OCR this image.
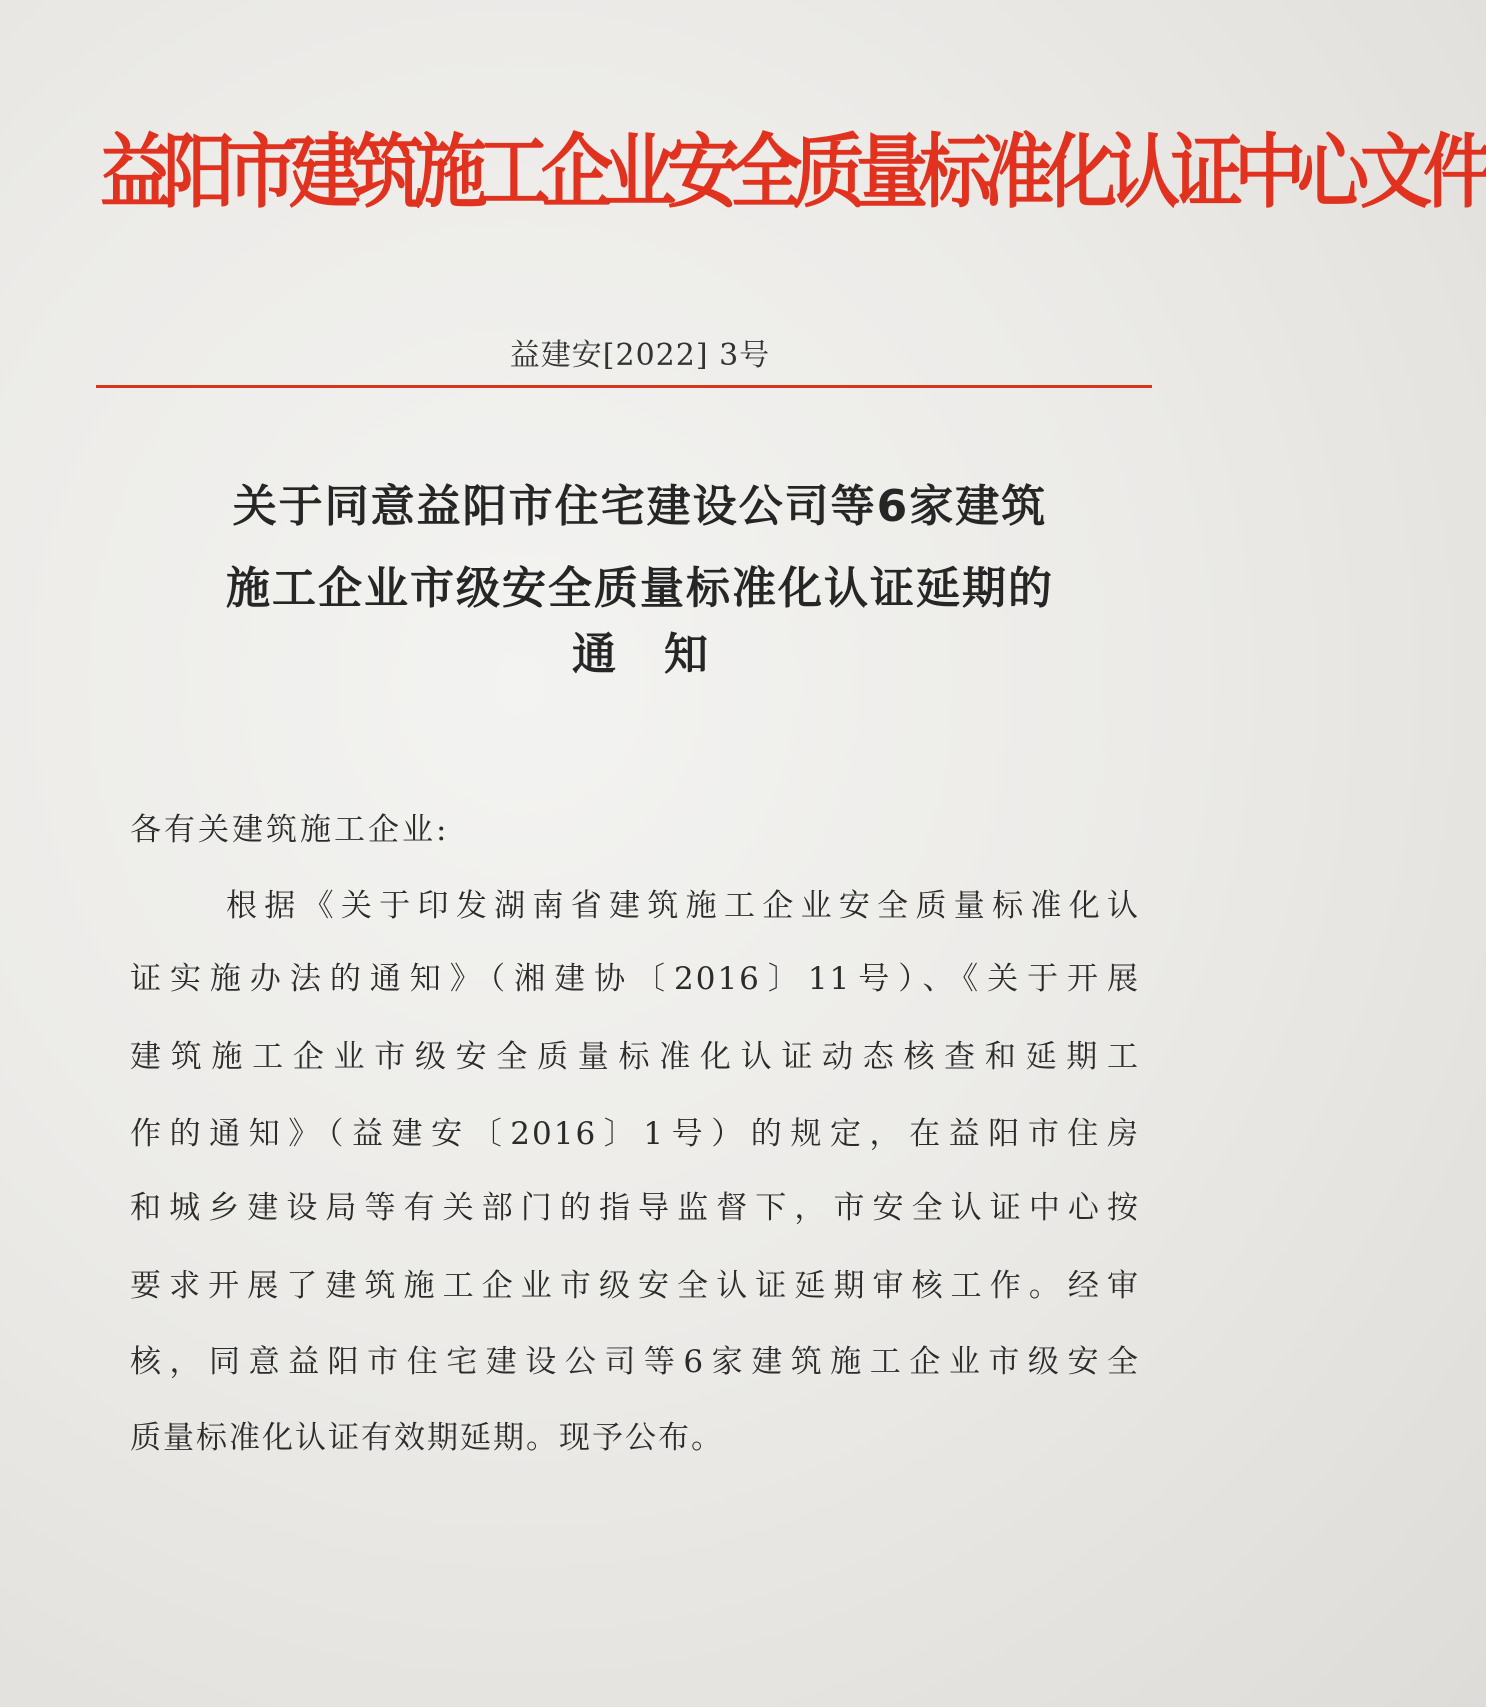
益阳市建筑施工企业安全质量标准化认证中心文件
益建安[2022] 3号
关于同意益阳市住宅建设公司等6家建筑
施工企业市级安全质量标准化认证延期的
通知
各有关建筑施工企业:
根据《关于印发湖南省建筑施工企业安全质量标准化认
证实施办法的通知》（湘建协〔2016〕11号）、《关于开展
建筑施工企业市级安全质量标准化认证动态核查和延期工
作的通知》（益建安〔2016〕1号）的规定，在益阳市住房
和城乡建设局等有关部门的指导监督下，市安全认证中心按
要求开展了建筑施工企业市级安全认证延期审核工作。经审
核，同意益阳市住宅建设公司等6家建筑施工企业市级安全
质量标准化认证有效期延期。现予公布。
